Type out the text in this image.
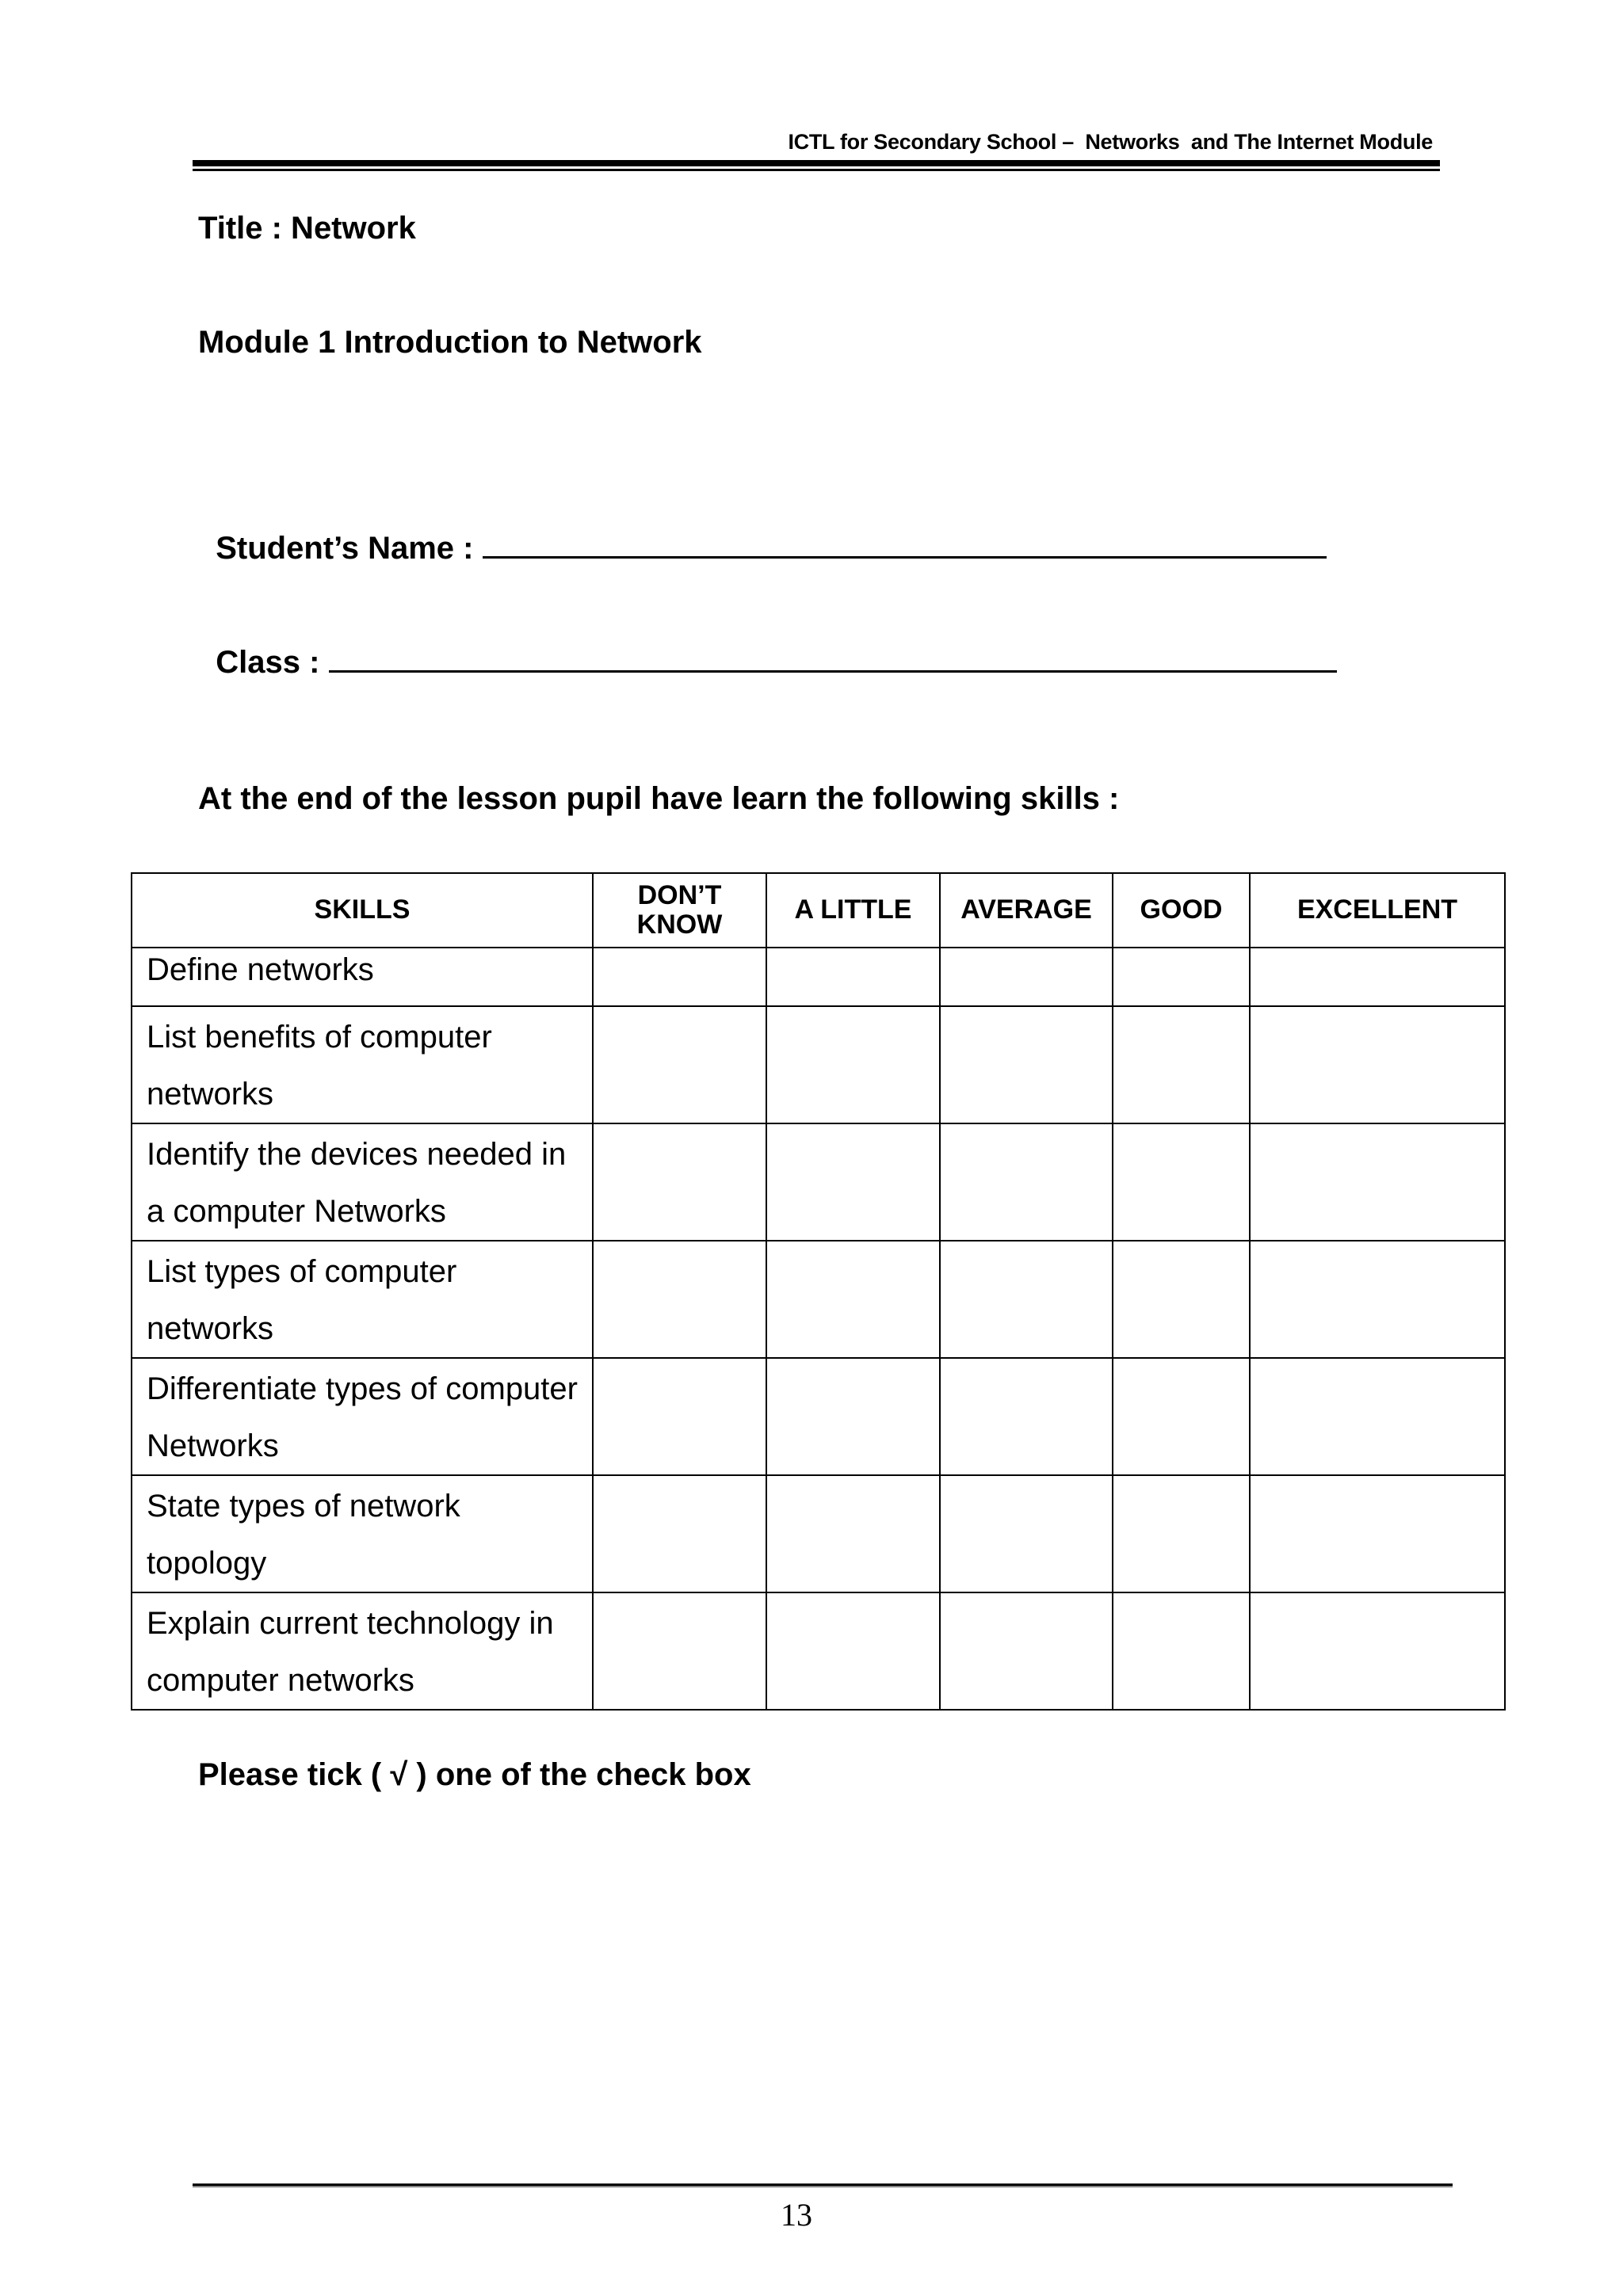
ICTL for Secondary School –  Networks  and The Internet Module
Title : Network
Module 1 Introduction to Network

Student’s Name :

Class :

At the end of the lesson pupil have learn the following skills :
SKILLS	DON’T KNOW	A LITTLE	AVERAGE	GOOD	EXCELLENT
Define networks					
List benefits of computer networks					
Identify the devices needed in a computer Networks					
List types of computer networks					
Differentiate types of computer Networks					
State types of network topology					
Explain current technology in computer networks					
Please tick ( √ ) one of the check box
13
